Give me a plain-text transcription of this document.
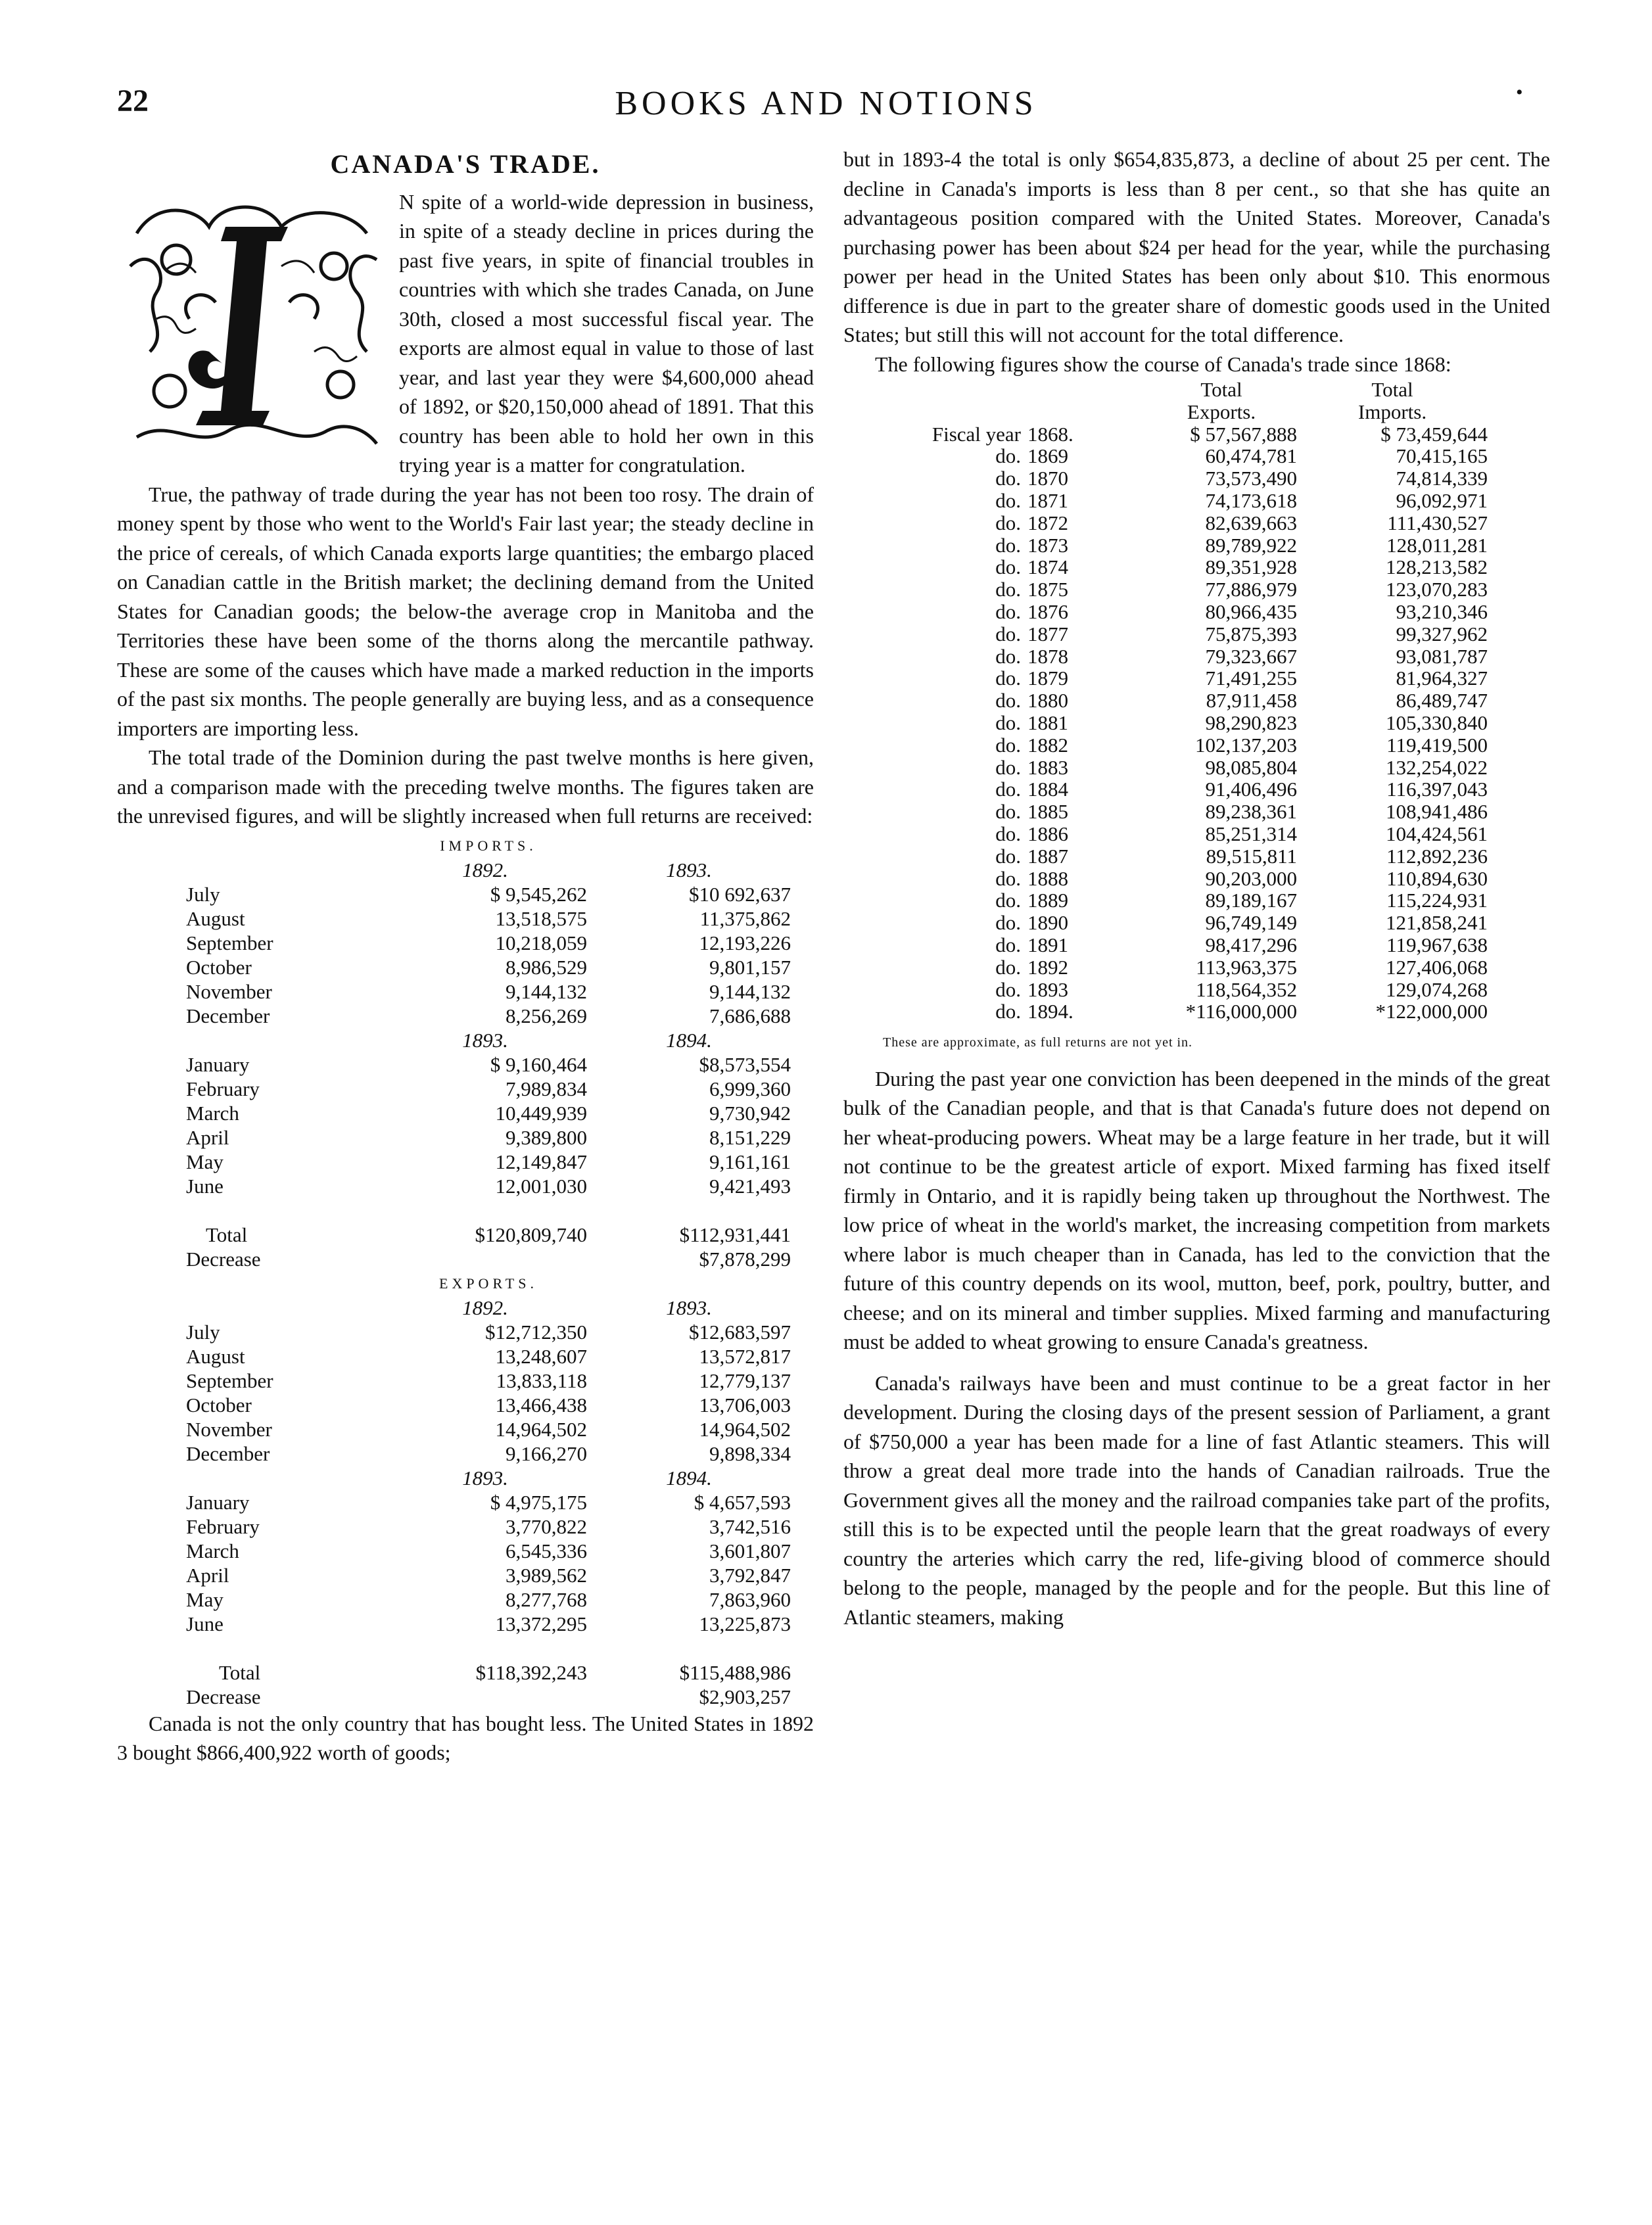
22	BOOKS AND NOTIONS	•
CANADA'S TRADE.

N spite of a world-wide depression in business, in spite of a steady decline in prices during the past five years, in spite of financial troubles in countries with which she trades Canada, on June 30th, closed a most successful fiscal year. The exports are almost equal in value to those of last year, and last year they were $4,600,000 ahead of 1892, or $20,150,000 ahead of 1891. That this country has been able to hold her own in this trying year is a matter for congratulation.

True, the pathway of trade during the year has not been too rosy. The drain of money spent by those who went to the World's Fair last year; the steady decline in the price of cereals, of which Canada exports large quantities; the embargo placed on Canadian cattle in the British market; the declining demand from the United States for Canadian goods; the below-the average crop in Manitoba and the Territories these have been some of the thorns along the mercantile pathway. These are some of the causes which have made a marked reduction in the imports of the past six months. The people generally are buying less, and as a consequence importers are importing less.

The total trade of the Dominion during the past twelve months is here given, and a comparison made with the preceding twelve months. The figures taken are the unrevised figures, and will be slightly increased when full returns are received:

IMPORTS.		
	1892.	1893.
July	$ 9,545,262	$10 692,637
August	13,518,575	11,375,862
September	10,218,059	12,193,226
October	8,986,529	9,801,157
November	9,144,132	9,144,132
December	8,256,269	7,686,688
	1893.	1894.
January	$ 9,160,464	$8,573,554
February	7,989,834	6,999,360
March	10,449,939	9,730,942
April	9,389,800	8,151,229
May	12,149,847	9,161,161
June	12,001,030	9,421,493

Total	$120,809,740	$112,931,441
Decrease		$7,878,299
EXPORTS.		
	1892.	1893.
July	$12,712,350	$12,683,597
August	13,248,607	13,572,817
September	13,833,118	12,779,137
October	13,466,438	13,706,003
November	14,964,502	14,964,502
December	9,166,270	9,898,334
	1893.	1894.
January	$ 4,975,175	$ 4,657,593
February	3,770,822	3,742,516
March	6,545,336	3,601,807
April	3,989,562	3,792,847
May	8,277,768	7,863,960
June	13,372,295	13,225,873

Total	$118,392,243	$115,488,986
Decrease		$2,903,257

Canada is not the only country that has bought less. The United States in 1892 3 bought $866,400,922 worth of goods;

but in 1893-4 the total is only $654,835,873, a decline of about 25 per cent. The decline in Canada's imports is less than 8 per cent., so that she has quite an advantageous position compared with the United States. Moreover, Canada's purchasing power has been about $24 per head for the year, while the purchasing power per head in the United States has been only about $10. This enormous difference is due in part to the greater share of domestic goods used in the United States; but still this will not account for the total difference.

The following figures show the course of Canada's trade since 1868:

		Total	Total
		Exports.	Imports.
Fiscal year	1868.	$ 57,567,888	$ 73,459,644
do.	1869	60,474,781	70,415,165
do.	1870	73,573,490	74,814,339
do.	1871	74,173,618	96,092,971
do.	1872	82,639,663	111,430,527
do.	1873	89,789,922	128,011,281
do.	1874	89,351,928	128,213,582
do.	1875	77,886,979	123,070,283
do.	1876	80,966,435	93,210,346
do.	1877	75,875,393	99,327,962
do.	1878	79,323,667	93,081,787
do.	1879	71,491,255	81,964,327
do.	1880	87,911,458	86,489,747
do.	1881	98,290,823	105,330,840
do.	1882	102,137,203	119,419,500
do.	1883	98,085,804	132,254,022
do.	1884	91,406,496	116,397,043
do.	1885	89,238,361	108,941,486
do.	1886	85,251,314	104,424,561
do.	1887	89,515,811	112,892,236
do.	1888	90,203,000	110,894,630
do.	1889	89,189,167	115,224,931
do.	1890	96,749,149	121,858,241
do.	1891	98,417,296	119,967,638
do.	1892	113,963,375	127,406,068
do.	1893	118,564,352	129,074,268
do.	1894.	*116,000,000	*122,000,000
These are approximate, as full returns are not yet in.

During the past year one conviction has been deepened in the minds of the great bulk of the Canadian people, and that is that Canada's future does not depend on her wheat-producing powers. Wheat may be a large feature in her trade, but it will not continue to be the greatest article of export. Mixed farming has fixed itself firmly in Ontario, and it is rapidly being taken up throughout the Northwest. The low price of wheat in the world's market, the increasing competition from markets where labor is much cheaper than in Canada, has led to the conviction that the future of this country depends on its wool, mutton, beef, pork, poultry, butter, and cheese; and on its mineral and timber supplies. Mixed farming and manufacturing must be added to wheat growing to ensure Canada's greatness.

Canada's railways have been and must continue to be a great factor in her development. During the closing days of the present session of Parliament, a grant of $750,000 a year has been made for a line of fast Atlantic steamers. This will throw a great deal more trade into the hands of Canadian railroads. True the Government gives all the money and the railroad companies take part of the profits, still this is to be expected until the people learn that the great roadways of every country the arteries which carry the red, life-giving blood of commerce should belong to the people, managed by the people and for the people. But this line of Atlantic steamers, making
